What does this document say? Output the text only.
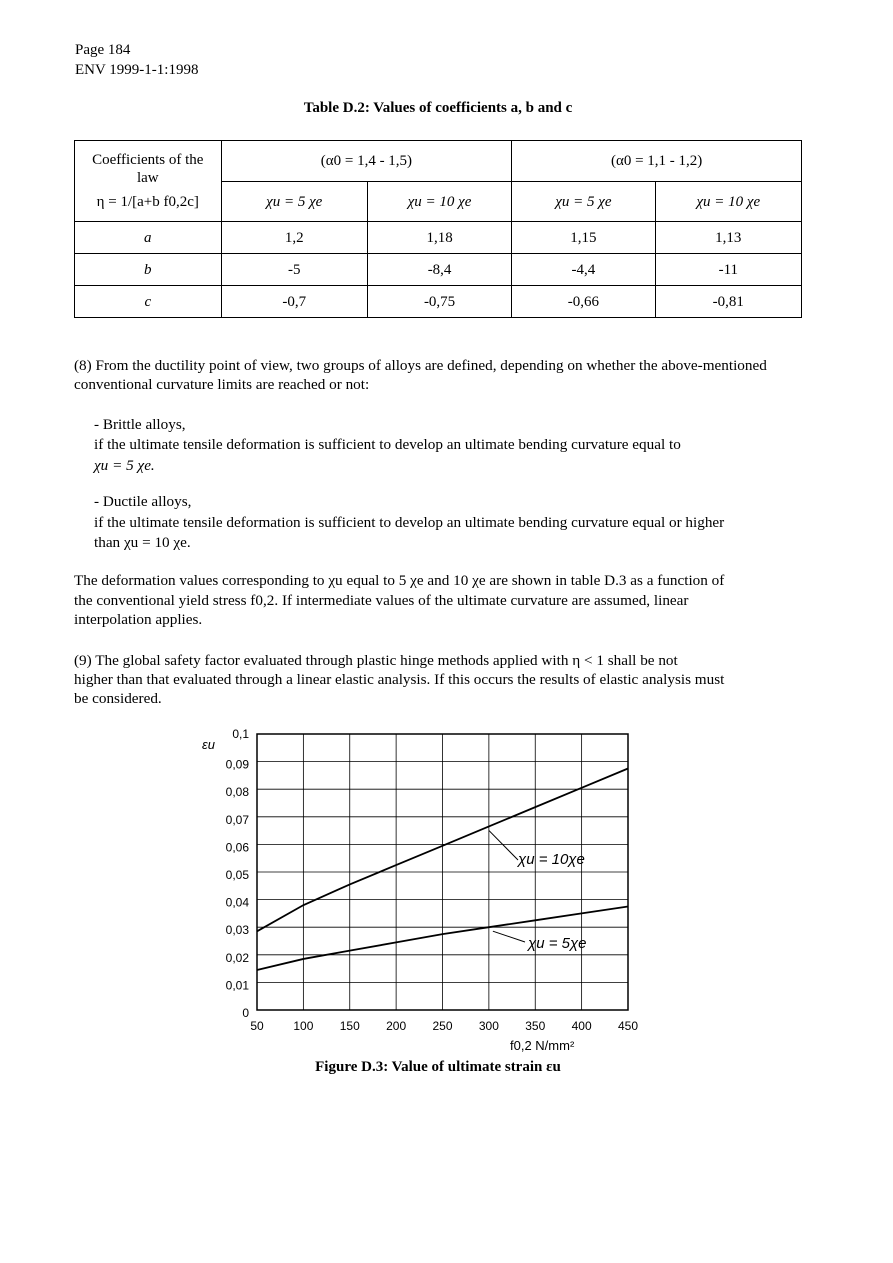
Page 184
ENV 1999-1-1:1998
Table D.2: Values of coefficients a, b and c
Coefficients of the
law
η = 1/[a+b f0,2c]	(α0 = 1,4 - 1,5)		(α0 = 1,1 - 1,2)	
	χu = 5 χe	χu = 10 χe	χu = 5 χe	χu = 10 χe
a	1,2	1,18	1,15	1,13
b	-5	-8,4	-4,4	-11
c	-0,7	-0,75	-0,66	-0,81
(8) From the ductility point of view, two groups of alloys are defined, depending on whether the above-mentioned conventional curvature limits are reached or not:
- Brittle alloys,
if the ultimate tensile deformation is sufficient to develop an ultimate bending curvature equal to
χu = 5 χe.
- Ductile alloys,
if the ultimate tensile deformation is sufficient to develop an ultimate bending curvature equal or higher
than χu = 10 χe.
The deformation values corresponding to χu equal to 5 χe and 10 χe are shown in table D.3 as a function of
the conventional yield stress f0,2. If intermediate values of the ultimate curvature are assumed, linear
interpolation applies.
(9) The global safety factor evaluated through plastic hinge methods applied with η < 1 shall be not
higher than that evaluated through a linear elastic analysis. If this occurs the results of elastic analysis must
be considered.
50 100 150 200 250 300 350 400 450
0
0,01
0,02
0,03
0,04
0,05
0,06
0,07
0,08
0,09
0,1
εu
f0,2 N/mm²
χu = 10χe
χu = 5χe
Figure D.3: Value of ultimate strain εu
